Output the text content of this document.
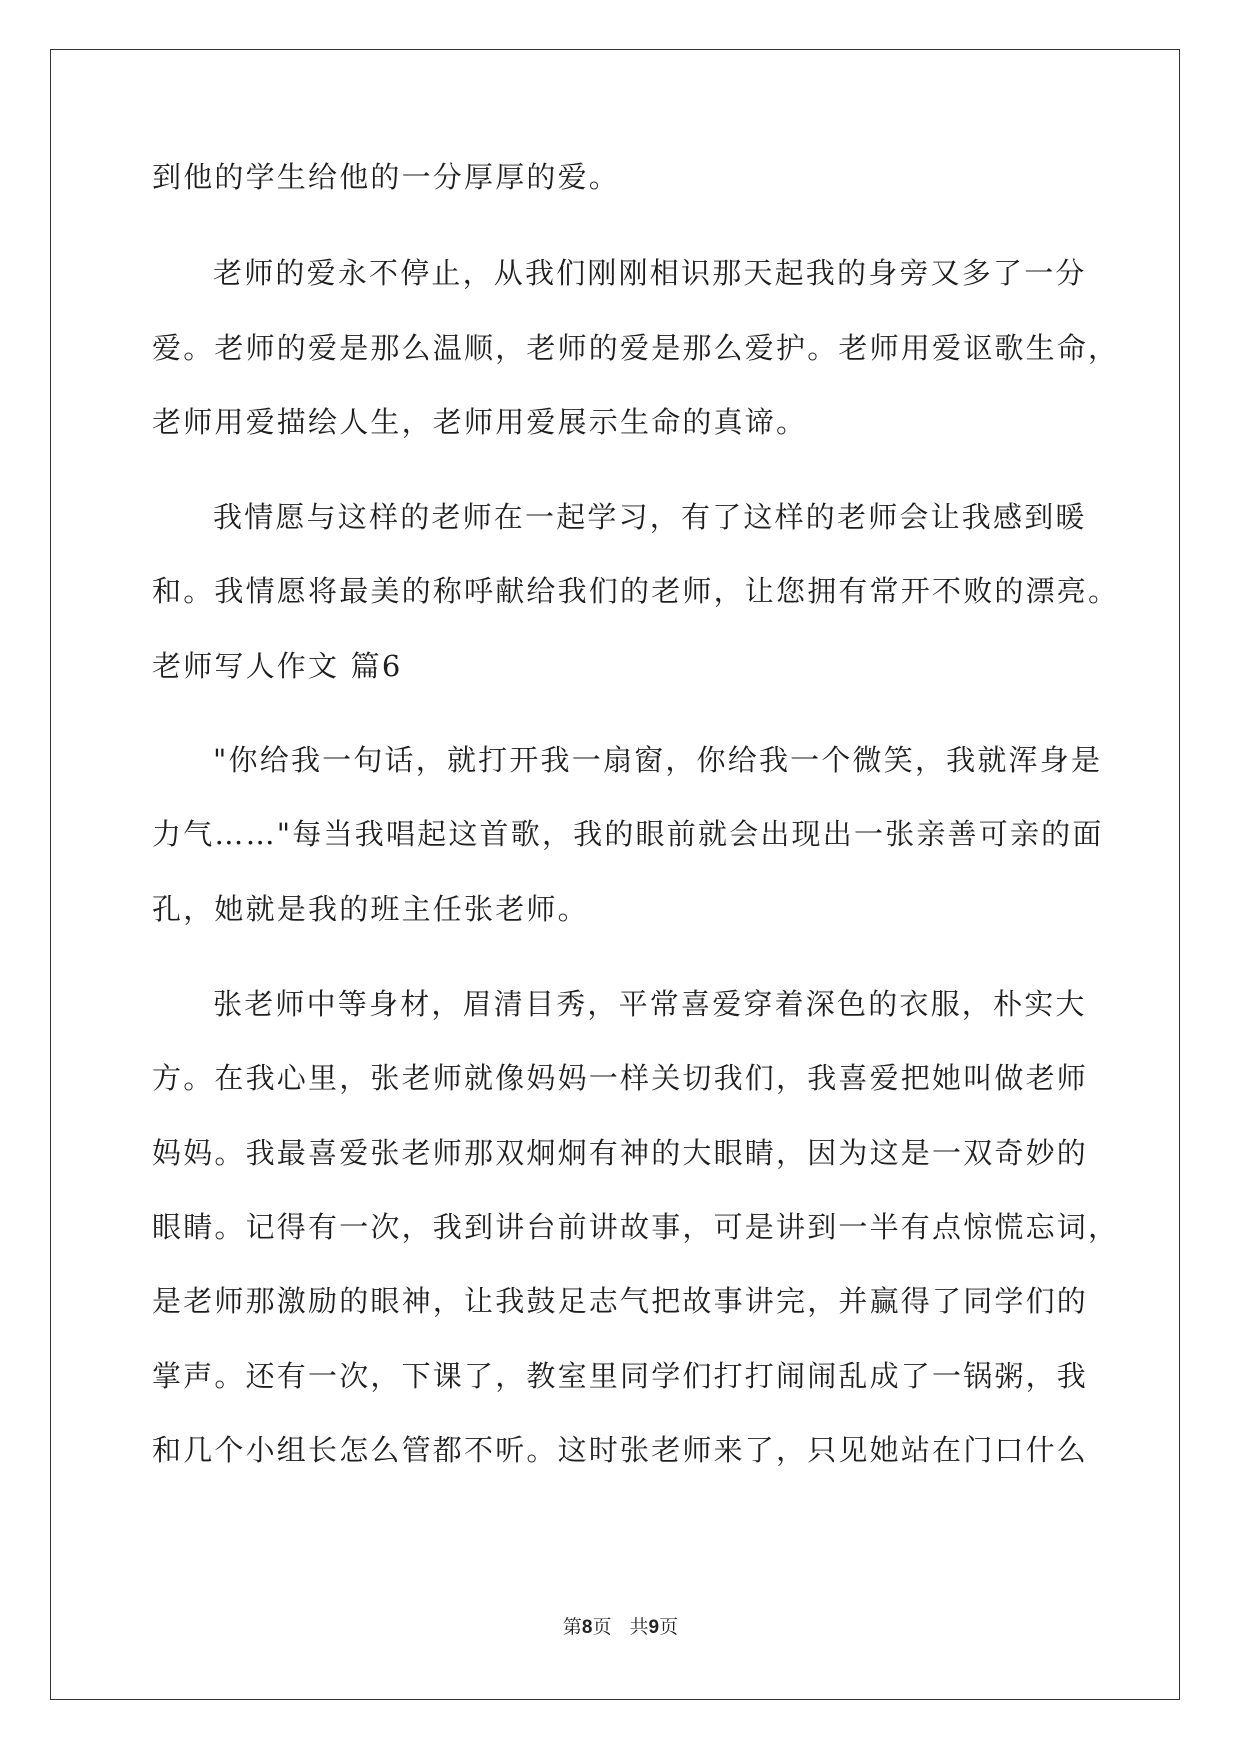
到他的学生给他的一分厚厚的爱。
老师的爱永不停止，从我们刚刚相识那天起我的身旁又多了一分
爱。老师的爱是那么温顺，老师的爱是那么爱护。老师用爱讴歌生命，
老师用爱描绘人生，老师用爱展示生命的真谛。
我情愿与这样的老师在一起学习，有了这样的老师会让我感到暖
和。我情愿将最美的称呼献给我们的老师，让您拥有常开不败的漂亮。
老师写人作文 篇6
"你给我一句话，就打开我一扇窗，你给我一个微笑，我就浑身是
力气……"每当我唱起这首歌，我的眼前就会出现出一张亲善可亲的面
孔，她就是我的班主任张老师。
张老师中等身材，眉清目秀，平常喜爱穿着深色的衣服，朴实大
方。在我心里，张老师就像妈妈一样关切我们，我喜爱把她叫做老师
妈妈。我最喜爱张老师那双炯炯有神的大眼睛，因为这是一双奇妙的
眼睛。记得有一次，我到讲台前讲故事，可是讲到一半有点惊慌忘词，
是老师那激励的眼神，让我鼓足志气把故事讲完，并赢得了同学们的
掌声。还有一次，下课了，教室里同学们打打闹闹乱成了一锅粥，我
和几个小组长怎么管都不听。这时张老师来了，只见她站在门口什么
第8页 共9页
